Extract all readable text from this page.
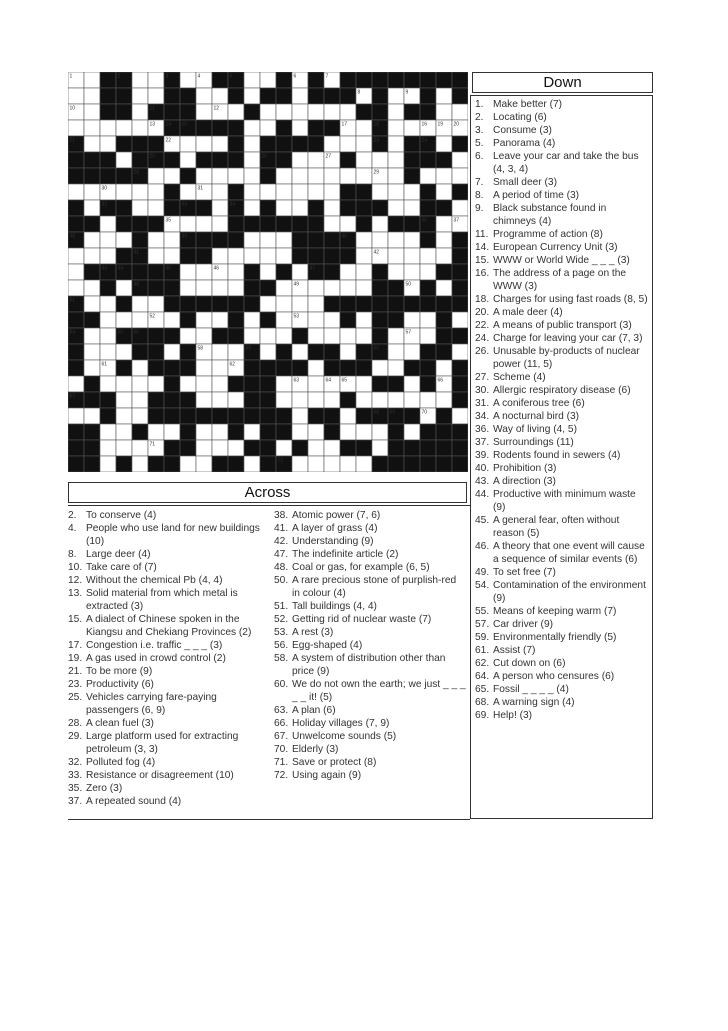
1	2	3	4	5	6	7
8	9
10	11	12
13 14 15	16
17	18	19 20
21	22	23	24
25	26	27
28	29
30	31
32	33	34
35	36	37
38	39	40
41	42
43 44	45	46	47
48	49	50
51
52	53
54	55 56	57
58	59	60
61	62
63	64 65	66
67
68 69	70
71
72
Down
1. Make better (7)
2. Locating (6)
3. Consume (3)
5. Panorama (4)
6. Leave your car and take the bus (4, 3, 4)
7. Small deer (3)
8. A period of time (3)
9. Black substance found in chimneys (4)
11. Programme of action (8)
14. European Currency Unit (3)
15. WWW or World Wide _ _ _ (3)
16. The address of a page on the WWW (3)
18. Charges for using fast roads (8, 5)
20. A male deer (4)
22. A means of public transport (3)
24. Charge for leaving your car (7, 3)
26. Unusable by-products of nuclear power (11, 5)
27. Scheme (4)
30. Allergic respiratory disease (6)
31. A coniferous tree (6)
34. A nocturnal bird (3)
36. Way of living (4, 5)
37. Surroundings (11)
39. Rodents found in sewers (4)
40. Prohibition (3)
43. A direction (3)
44. Productive with minimum waste (9)
45. A general fear, often without reason (5)
46. A theory that one event will cause a sequence of similar events (6)
49. To set free (7)
54. Contamination of the environment (9)
55. Means of keeping warm (7)
57. Car driver (9)
59. Environmentally friendly (5)
61. Assist (7)
62. Cut down on (6)
64. A person who censures (6)
65. Fossil _ _ _ _ (4)
68. A warning sign (4)
69. Help! (3)
Across
2. To conserve (4)
4. People who use land for new buildings (10)
8. Large deer (4)
10. Take care of (7)
12. Without the chemical Pb (4, 4)
13. Solid material from which metal is extracted (3)
15. A dialect of Chinese spoken in the Kiangsu and Chekiang Provinces (2)
17. Congestion i.e. traffic _ _ _ (3)
19. A gas used in crowd control (2)
21. To be more (9)
23. Productivity (6)
25. Vehicles carrying fare-paying passengers (6, 9)
28. A clean fuel (3)
29. Large platform used for extracting petroleum (3, 3)
32. Polluted fog (4)
33. Resistance or disagreement (10)
35. Zero (3)
37. A repeated sound (4)
38. Atomic power (7, 6)
41. A layer of grass (4)
42. Understanding (9)
47. The indefinite article (2)
48. Coal or gas, for example (6, 5)
50. A rare precious stone of purplish-red in colour (4)
51. Tall buildings (4, 4)
52. Getting rid of nuclear waste (7)
53. A rest (3)
56. Egg-shaped (4)
58. A system of distribution other than price (9)
60. We do not own the earth; we just _ _ _ _ _ it! (5)
63. A plan (6)
66. Holiday villages (7, 9)
67. Unwelcome sounds (5)
70. Elderly (3)
71. Save or protect (8)
72. Using again (9)
